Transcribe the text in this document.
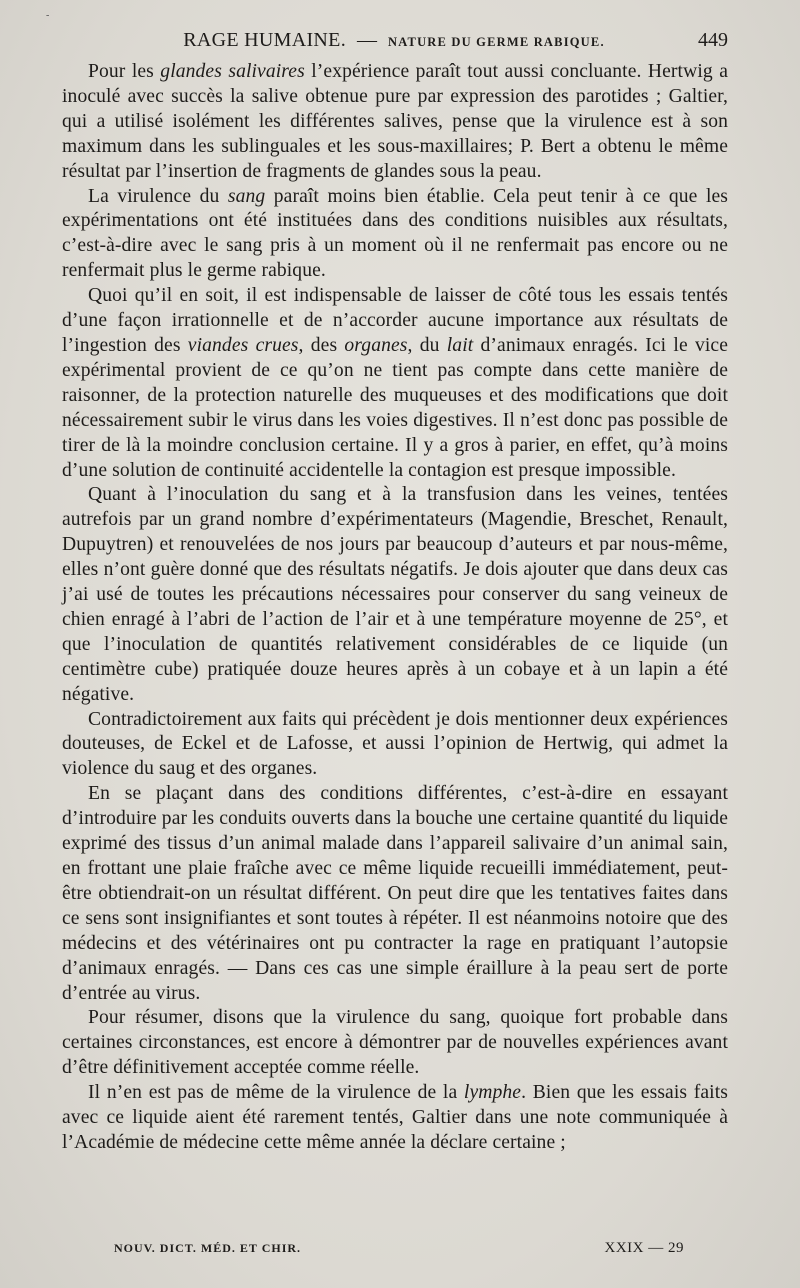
-
RAGE HUMAINE. — NATURE DU GERME RABIQUE.	449

Pour les glandes salivaires l’expérience paraît tout aussi concluante. Hertwig a inoculé avec succès la salive obtenue pure par expression des parotides ; Galtier, qui a utilisé isolément les différentes salives, pense que la virulence est à son maximum dans les sublinguales et les sous-maxillaires; P. Bert a obtenu le même résultat par l’insertion de fragments de glandes sous la peau.

La virulence du sang paraît moins bien établie. Cela peut tenir à ce que les expérimentations ont été instituées dans des conditions nuisibles aux résultats, c’est-à-dire avec le sang pris à un moment où il ne renfermait pas encore ou ne renfermait plus le germe rabique.

Quoi qu’il en soit, il est indispensable de laisser de côté tous les essais tentés d’une façon irrationnelle et de n’accorder aucune importance aux résultats de l’ingestion des viandes crues, des organes, du lait d’animaux enragés. Ici le vice expérimental provient de ce qu’on ne tient pas compte dans cette manière de raisonner, de la protection naturelle des muqueuses et des modifications que doit nécessairement subir le virus dans les voies digestives. Il n’est donc pas possible de tirer de là la moindre conclusion certaine. Il y a gros à parier, en effet, qu’à moins d’une solution de continuité accidentelle la contagion est presque impossible.

Quant à l’inoculation du sang et à la transfusion dans les veines, tentées autrefois par un grand nombre d’expérimentateurs (Magendie, Breschet, Renault, Dupuytren) et renouvelées de nos jours par beaucoup d’auteurs et par nous-même, elles n’ont guère donné que des résultats négatifs. Je dois ajouter que dans deux cas j’ai usé de toutes les précautions nécessaires pour conserver du sang veineux de chien enragé à l’abri de l’action de l’air et à une température moyenne de 25°, et que l’inoculation de quantités relativement considérables de ce liquide (un centimètre cube) pratiquée douze heures après à un cobaye et à un lapin a été négative.

Contradictoirement aux faits qui précèdent je dois mentionner deux expériences douteuses, de Eckel et de Lafosse, et aussi l’opinion de Hertwig, qui admet la violence du saug et des organes.

En se plaçant dans des conditions différentes, c’est-à-dire en essayant d’introduire par les conduits ouverts dans la bouche une certaine quantité du liquide exprimé des tissus d’un animal malade dans l’appareil salivaire d’un animal sain, en frottant une plaie fraîche avec ce même liquide recueilli immédiatement, peut-être obtiendrait-on un résultat différent. On peut dire que les tentatives faites dans ce sens sont insignifiantes et sont toutes à répéter. Il est néanmoins notoire que des médecins et des vétérinaires ont pu contracter la rage en pratiquant l’autopsie d’animaux enragés. — Dans ces cas une simple éraillure à la peau sert de porte d’entrée au virus.

Pour résumer, disons que la virulence du sang, quoique fort probable dans certaines circonstances, est encore à démontrer par de nouvelles expériences avant d’être définitivement acceptée comme réelle.

Il n’en est pas de même de la virulence de la lymphe. Bien que les essais faits avec ce liquide aient été rarement tentés, Galtier dans une note communiquée à l’Académie de médecine cette même année la déclare certaine ;

NOUV. DICT. MÉD. ET CHIR.	XXIX — 29
